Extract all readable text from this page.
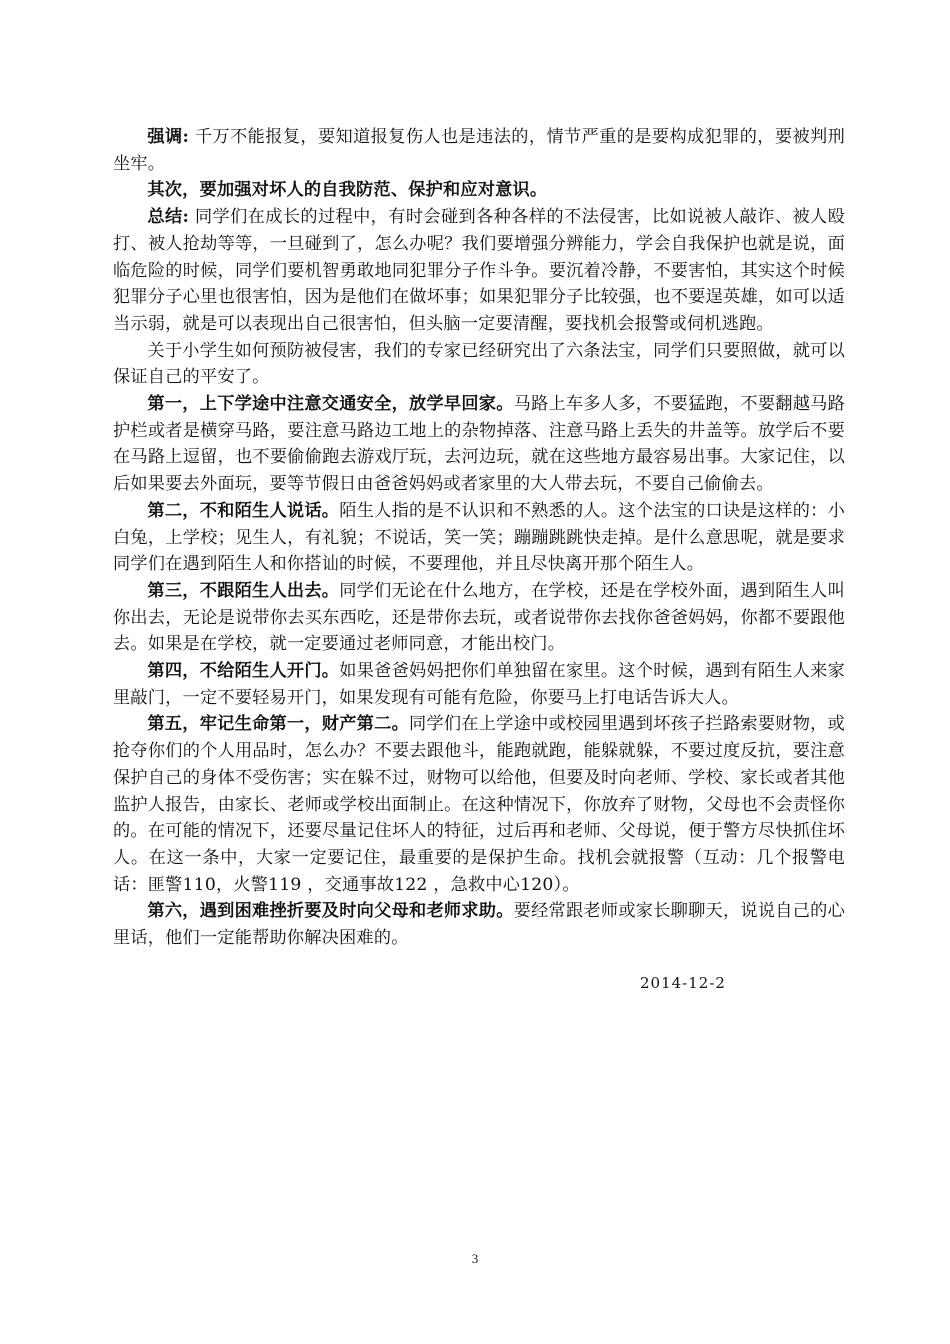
强调: 千万不能报复，要知道报复伤人也是违法的，情节严重的是要构成犯罪的，要被判刑坐牢。

其次，要加强对坏人的自我防范、保护和应对意识。

总结: 同学们在成长的过程中，有时会碰到各种各样的不法侵害，比如说被人敲诈、被人殴打、被人抢劫等等，一旦碰到了，怎么办呢？我们要增强分辨能力，学会自我保护也就是说，面临危险的时候，同学们要机智勇敢地同犯罪分子作斗争。要沉着冷静，不要害怕，其实这个时候犯罪分子心里也很害怕，因为是他们在做坏事；如果犯罪分子比较强，也不要逞英雄，如可以适当示弱，就是可以表现出自己很害怕，但头脑一定要清醒，要找机会报警或伺机逃跑。

关于小学生如何预防被侵害，我们的专家已经研究出了六条法宝，同学们只要照做，就可以保证自己的平安了。

第一，上下学途中注意交通安全，放学早回家。马路上车多人多，不要猛跑，不要翻越马路护栏或者是横穿马路，要注意马路边工地上的杂物掉落、注意马路上丢失的井盖等。放学后不要在马路上逗留，也不要偷偷跑去游戏厅玩，去河边玩，就在这些地方最容易出事。大家记住，以后如果要去外面玩，要等节假日由爸爸妈妈或者家里的大人带去玩，不要自己偷偷去。

第二，不和陌生人说话。陌生人指的是不认识和不熟悉的人。这个法宝的口诀是这样的：小白兔，上学校；见生人，有礼貌；不说话，笑一笑；蹦蹦跳跳快走掉。是什么意思呢，就是要求同学们在遇到陌生人和你搭讪的时候，不要理他，并且尽快离开那个陌生人。

第三，不跟陌生人出去。同学们无论在什么地方，在学校，还是在学校外面，遇到陌生人叫你出去，无论是说带你去买东西吃，还是带你去玩，或者说带你去找你爸爸妈妈，你都不要跟他去。如果是在学校，就一定要通过老师同意，才能出校门。

第四，不给陌生人开门。如果爸爸妈妈把你们单独留在家里。这个时候，遇到有陌生人来家里敲门，一定不要轻易开门，如果发现有可能有危险，你要马上打电话告诉大人。

第五，牢记生命第一，财产第二。同学们在上学途中或校园里遇到坏孩子拦路索要财物，或抢夺你们的个人用品时，怎么办？不要去跟他斗，能跑就跑，能躲就躲，不要过度反抗，要注意保护自己的身体不受伤害；实在躲不过，财物可以给他，但要及时向老师、学校、家长或者其他监护人报告，由家长、老师或学校出面制止。在这种情况下，你放弃了财物，父母也不会责怪你的。在可能的情况下，还要尽量记住坏人的特征，过后再和老师、父母说，便于警方尽快抓住坏人。在这一条中，大家一定要记住，最重要的是保护生命。找机会就报警（互动：几个报警电话：匪警110，火警119 ，交通事故122 ，急救中心120）。

第六，遇到困难挫折要及时向父母和老师求助。要经常跟老师或家长聊聊天，说说自己的心里话，他们一定能帮助你解决困难的。

2014-12-2
3
